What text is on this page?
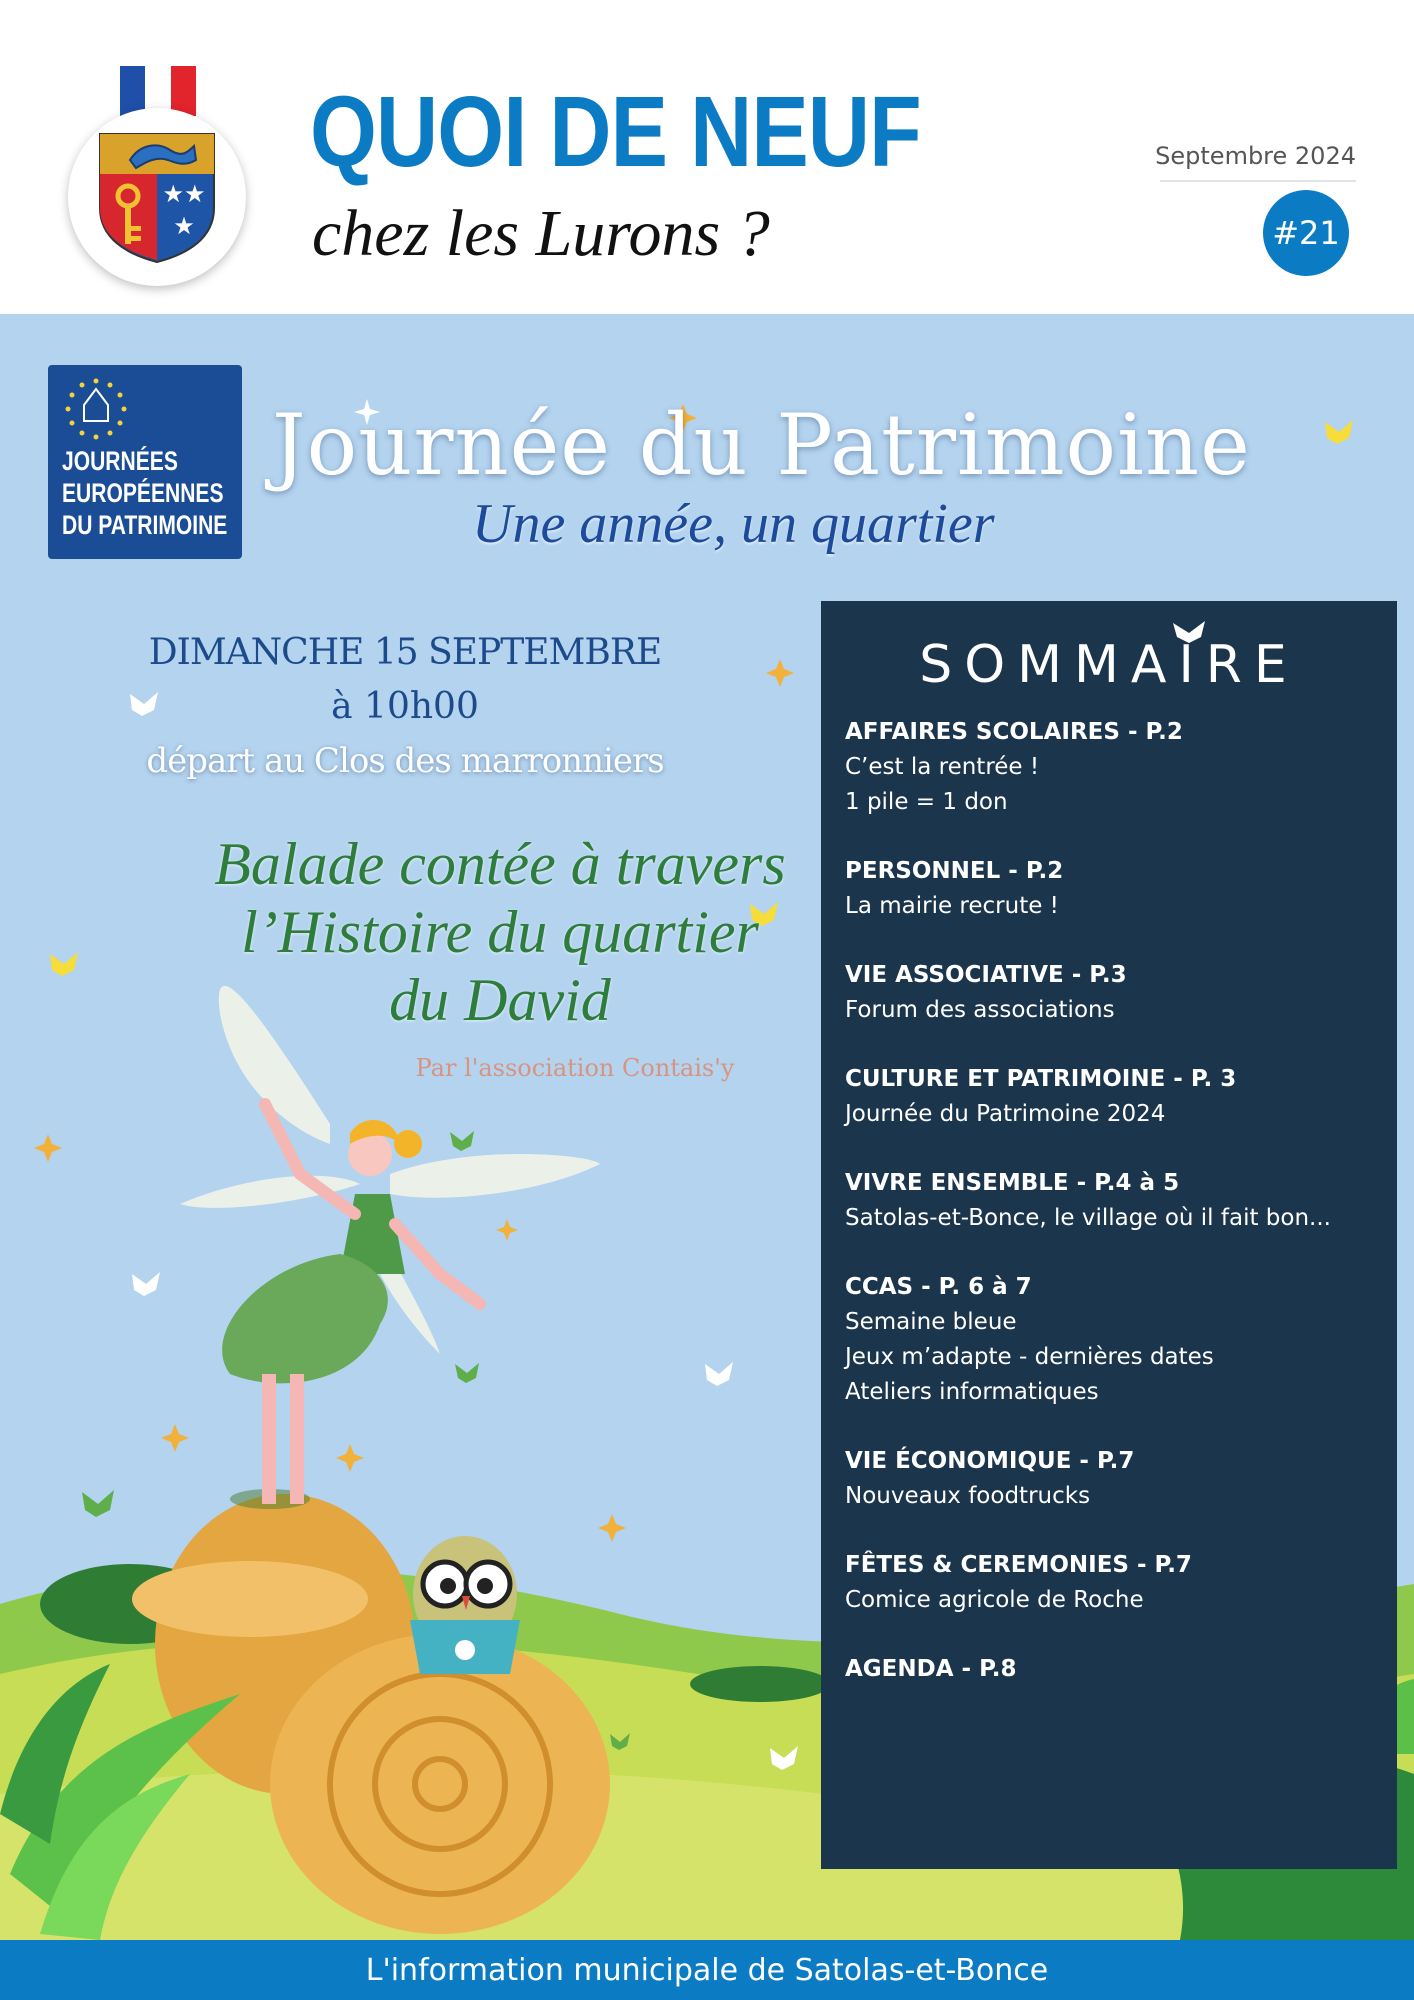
★★
★
QUOI DE NEUF
chez les Lurons ?
Septembre 2024
#21
JOURNÉES
EUROPÉENNES
DU PATRIMOINE
Journée du Patrimoine
Une année, un quartier
DIMANCHE 15 SEPTEMBRE
à 10h00
départ au Clos des marronniers
Balade contée à travers
l’Histoire du quartier
du David
Par l'association Contais'y
SOMMAIRE
AFFAIRES SCOLAIRES - P.2
C’est la rentrée !
1 pile = 1 don
PERSONNEL - P.2
La mairie recrute !
VIE ASSOCIATIVE - P.3
Forum des associations
CULTURE ET PATRIMOINE - P. 3
Journée du Patrimoine 2024
VIVRE ENSEMBLE - P.4 à 5
Satolas-et-Bonce, le village où il fait bon...
CCAS - P. 6 à 7
Semaine bleue
Jeux m’adapte - dernières dates
Ateliers informatiques
VIE ÉCONOMIQUE - P.7
Nouveaux foodtrucks
FÊTES & CEREMONIES - P.7
Comice agricole de Roche
AGENDA - P.8
L'information municipale de Satolas-et-Bonce
